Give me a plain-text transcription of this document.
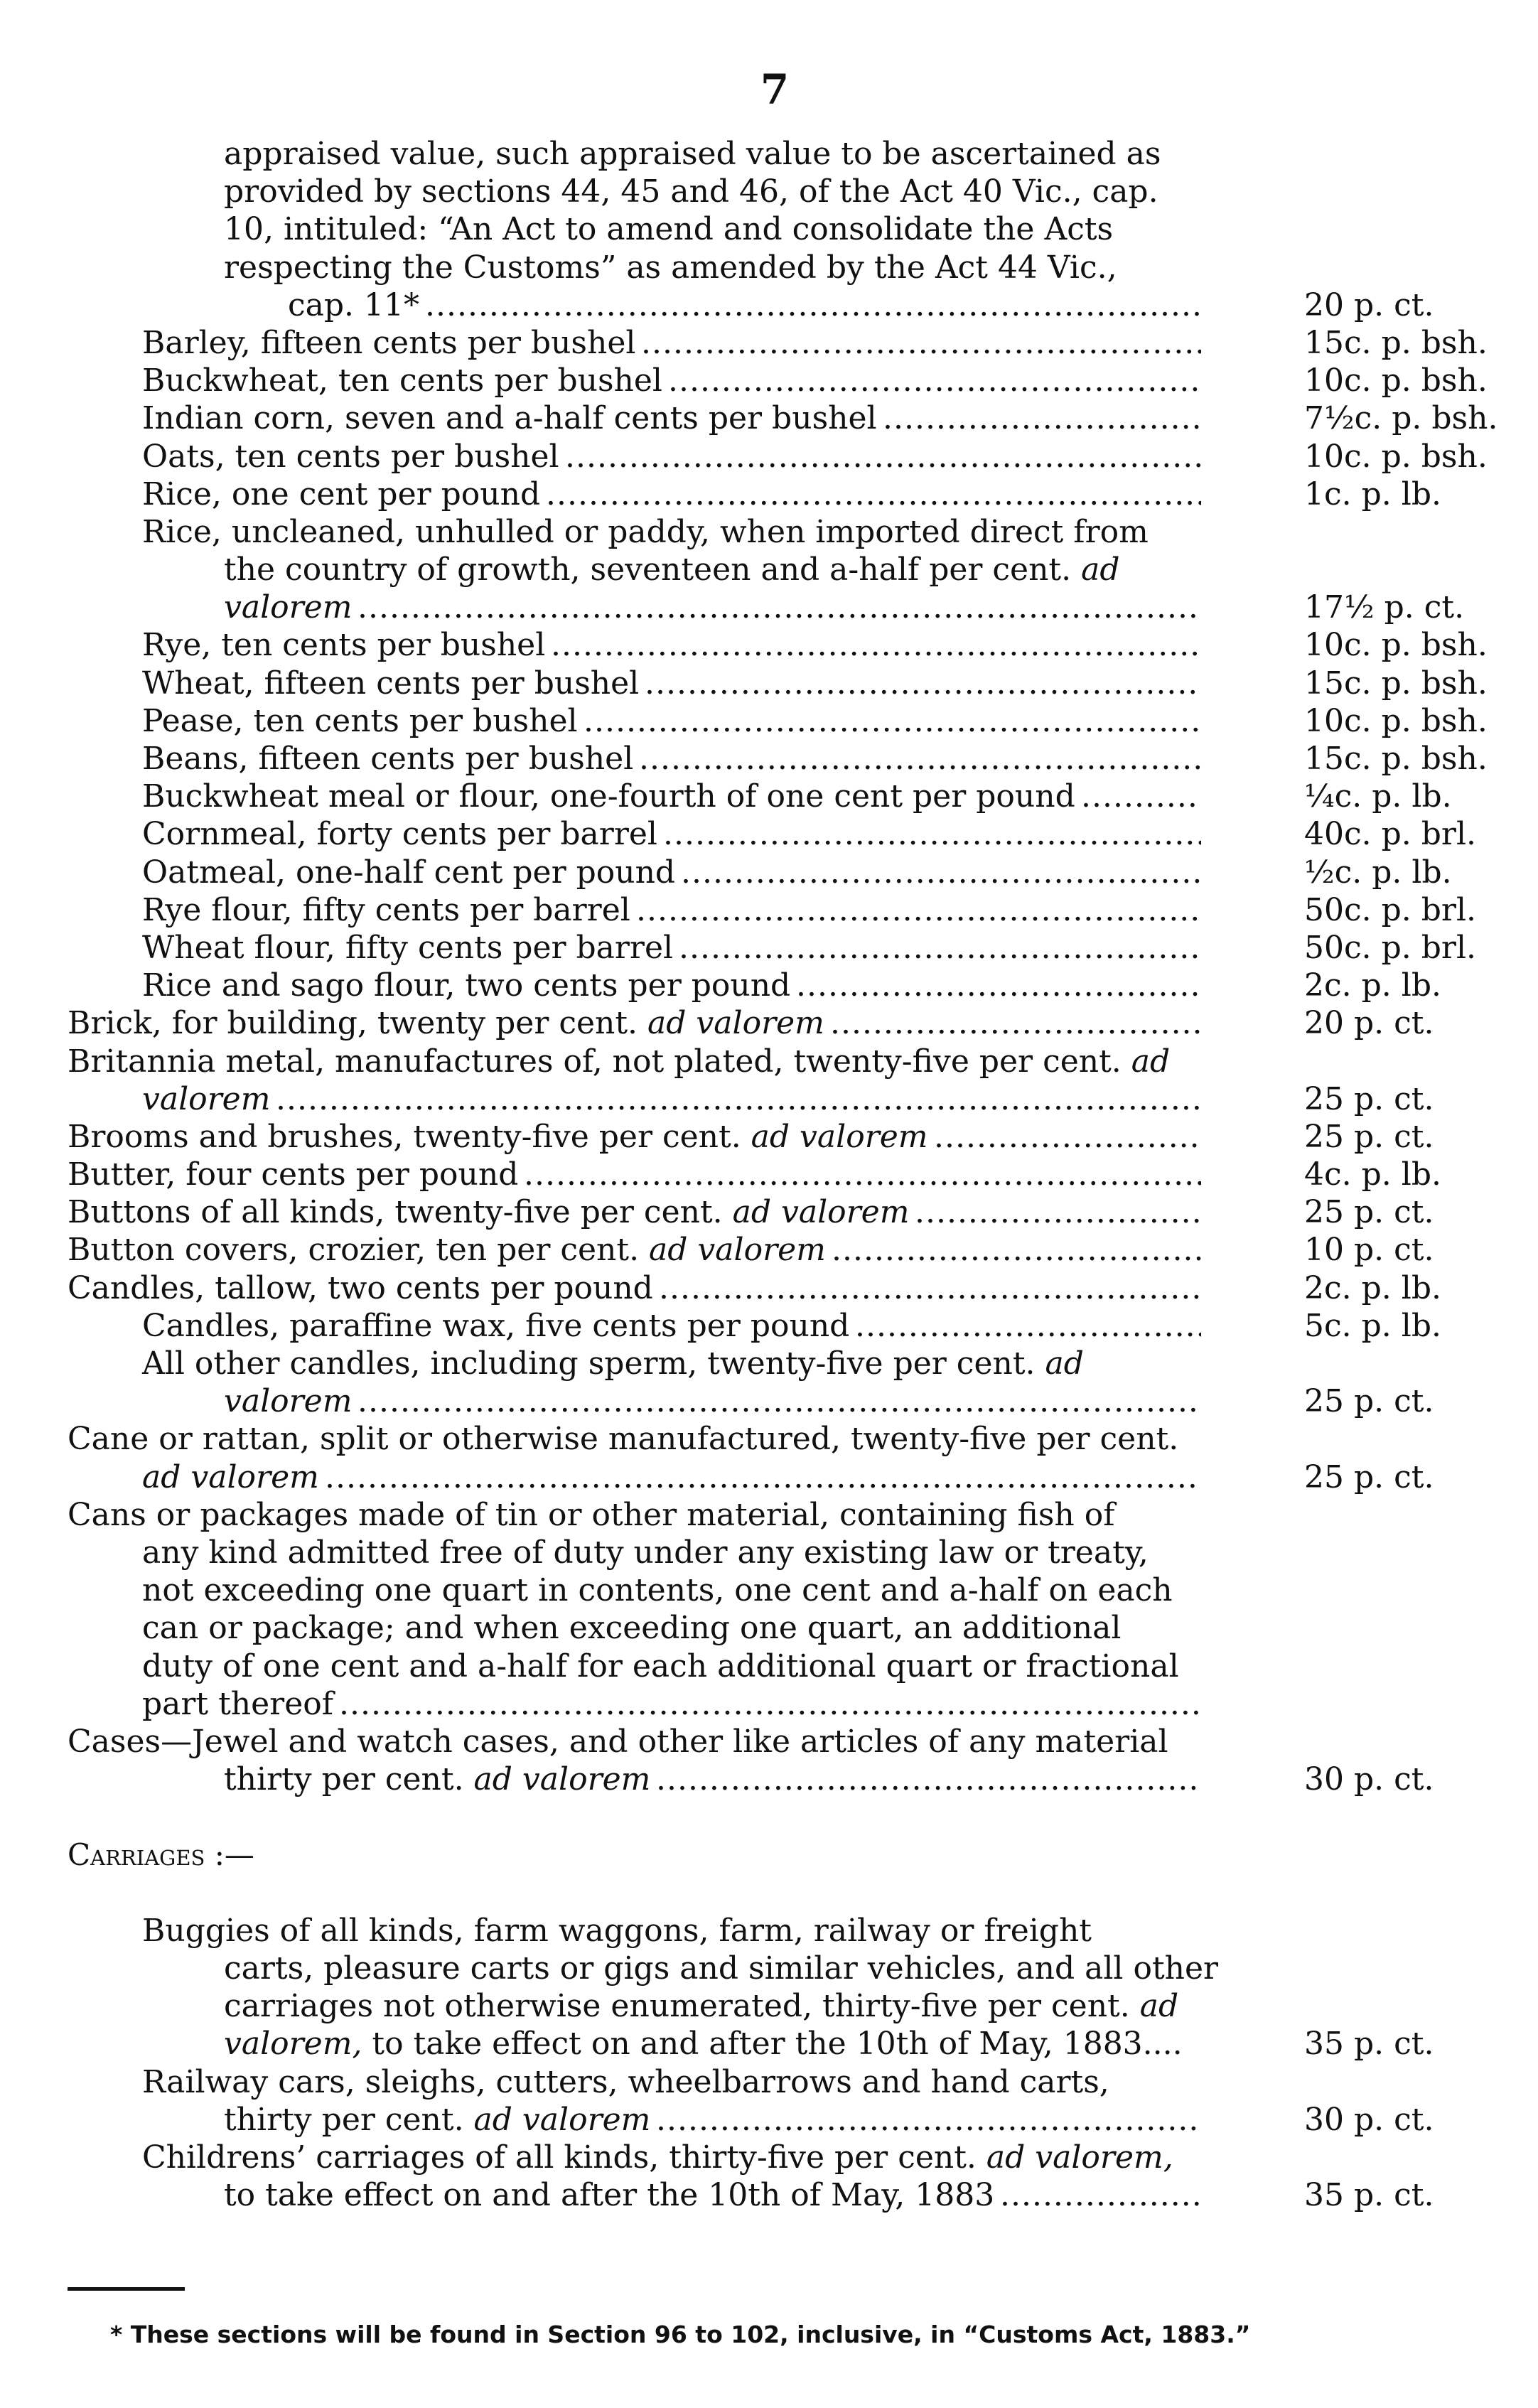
7
appraised value, such appraised value to be ascertained as
provided by sections 44, 45 and 46, of the Act 40 Vic., cap.
10, intituled: “An Act to amend and consolidate the Acts
respecting the Customs” as amended by the Act 44 Vic.,
cap. 11*	20 p. ct.
.....
Barley, fifteen cents per bushel	15c. p. bsh.
.....
Buckwheat, ten cents per bushel	10c. p. bsh.
.....
Indian corn, seven and a-half cents per bushel	7½c. p. bsh.
.....
Oats, ten cents per bushel	10c. p. bsh.
.....
Rice, one cent per pound	1c. p. lb.
.....
Rice, uncleaned, unhulled or paddy, when imported direct from
the country of growth, seventeen and a-half per cent. ad
valorem	17½ p. ct.
.....
Rye, ten cents per bushel	10c. p. bsh.
.....
Wheat, fifteen cents per bushel	15c. p. bsh.
.....
Pease, ten cents per bushel	10c. p. bsh.
.....
Beans, fifteen cents per bushel	15c. p. bsh.
.....
Buckwheat meal or flour, one-fourth of one cent per pound	¼c. p. lb.
.....
Cornmeal, forty cents per barrel	40c. p. brl.
.....
Oatmeal, one-half cent per pound	½c. p. lb.
.....
Rye flour, fifty cents per barrel	50c. p. brl.
.....
Wheat flour, fifty cents per barrel	50c. p. brl.
.....
Rice and sago flour, two cents per pound	2c. p. lb.
.....
Brick, for building, twenty per cent. ad valorem	20 p. ct.
.....
Britannia metal, manufactures of, not plated, twenty-five per cent. ad
valorem	25 p. ct.
.....
Brooms and brushes, twenty-five per cent. ad valorem	25 p. ct.
.....
Butter, four cents per pound	4c. p. lb.
.....
Buttons of all kinds, twenty-five per cent. ad valorem	25 p. ct.
.....
Button covers, crozier, ten per cent. ad valorem	10 p. ct.
.....
Candles, tallow, two cents per pound	2c. p. lb.
.....
Candles, paraffine wax, five cents per pound	5c. p. lb.
.....
All other candles, including sperm, twenty-five per cent. ad
valorem	25 p. ct.
.....
Cane or rattan, split or otherwise manufactured, twenty-five per cent.
ad valorem	25 p. ct.
.....
Cans or packages made of tin or other material, containing fish of
any kind admitted free of duty under any existing law or treaty,
not exceeding one quart in contents, one cent and a-half on each
can or package; and when exceeding one quart, an additional
duty of one cent and a-half for each additional quart or fractional
part thereof
.....
Cases—Jewel and watch cases, and other like articles of any material
thirty per cent. ad valorem	30 p. ct.
.....
Carriages :—
Buggies of all kinds, farm waggons, farm, railway or freight
carts, pleasure carts or gigs and similar vehicles, and all other
carriages not otherwise enumerated, thirty-five per cent. ad
valorem, to take effect on and after the 10th of May, 1883....	35 p. ct.
Railway cars, sleighs, cutters, wheelbarrows and hand carts,
thirty per cent. ad valorem	30 p. ct.
.....
Childrens’ carriages of all kinds, thirty-five per cent. ad valorem,
to take effect on and after the 10th of May, 1883	35 p. ct.
.....
* These sections will be found in Section 96 to 102, inclusive, in “Customs Act, 1883.”
